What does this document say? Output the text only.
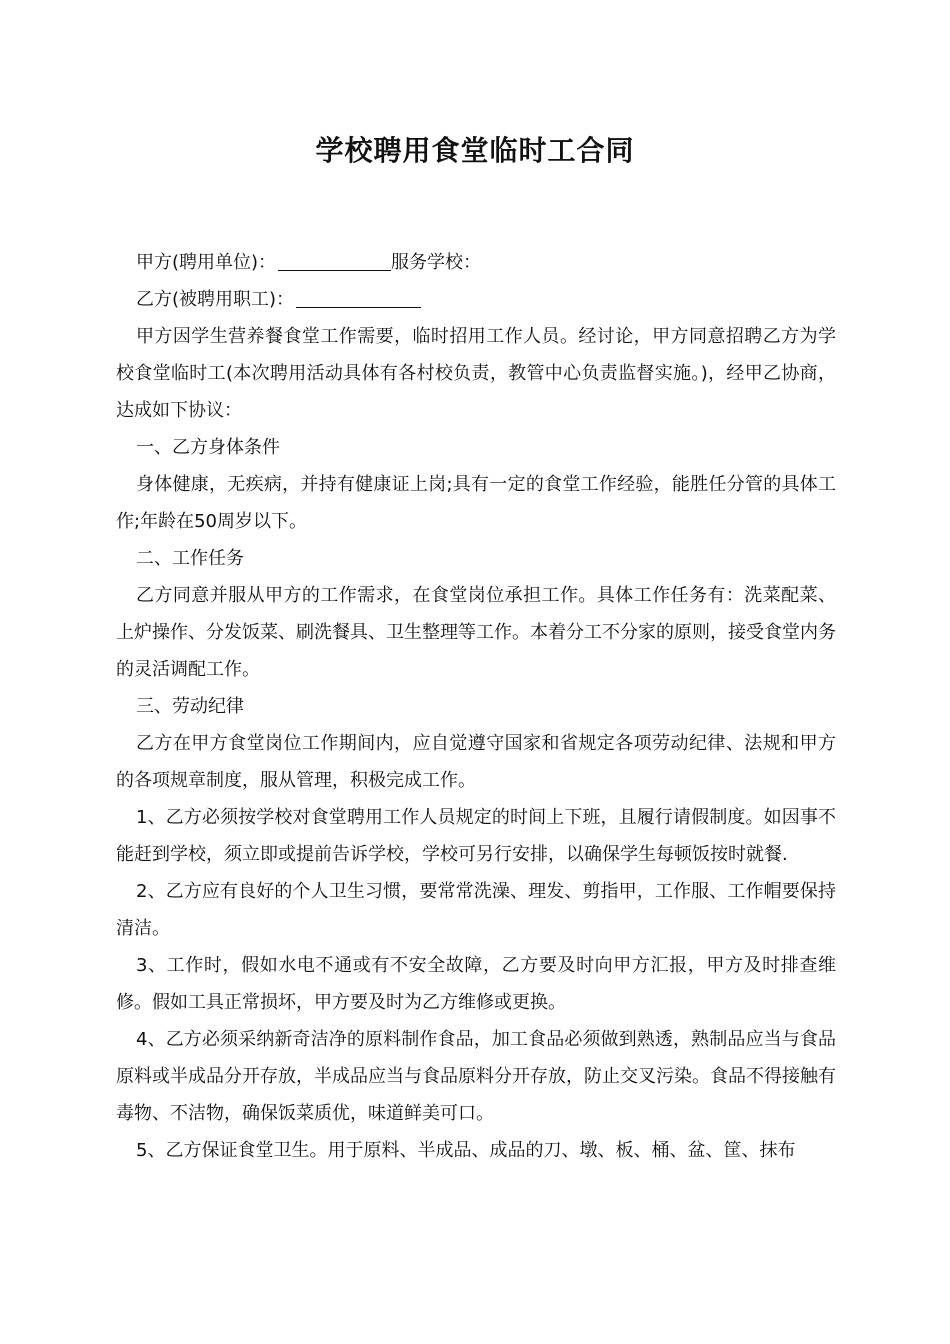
学校聘用食堂临时工合同

甲方(聘用单位)：	服务学校：

乙方(被聘用职工)：

甲方因学生营养餐食堂工作需要，临时招用工作人员。经讨论，甲方同意招聘乙方为学校食堂临时工(本次聘用活动具体有各村校负责，教管中心负责监督实施。)，经甲乙协商，达成如下协议：

一、乙方身体条件

身体健康，无疾病，并持有健康证上岗;具有一定的食堂工作经验，能胜任分管的具体工作;年龄在50周岁以下。

二、工作任务

乙方同意并服从甲方的工作需求，在食堂岗位承担工作。具体工作任务有：洗菜配菜、上炉操作、分发饭菜、刷洗餐具、卫生整理等工作。本着分工不分家的原则，接受食堂内务的灵活调配工作。

三、劳动纪律

乙方在甲方食堂岗位工作期间内，应自觉遵守国家和省规定各项劳动纪律、法规和甲方的各项规章制度，服从管理，积极完成工作。

1、乙方必须按学校对食堂聘用工作人员规定的时间上下班，且履行请假制度。如因事不能赶到学校，须立即或提前告诉学校，学校可另行安排，以确保学生每顿饭按时就餐.

2、乙方应有良好的个人卫生习惯，要常常洗澡、理发、剪指甲，工作服、工作帽要保持清洁。

3、工作时，假如水电不通或有不安全故障，乙方要及时向甲方汇报，甲方及时排查维修。假如工具正常损坏，甲方要及时为乙方维修或更换。

4、乙方必须采纳新奇洁净的原料制作食品，加工食品必须做到熟透，熟制品应当与食品原料或半成品分开存放，半成品应当与食品原料分开存放，防止交叉污染。食品不得接触有毒物、不洁物，确保饭菜质优，味道鲜美可口。

5、乙方保证食堂卫生。用于原料、半成品、成品的刀、墩、板、桶、盆、筐、抹布
